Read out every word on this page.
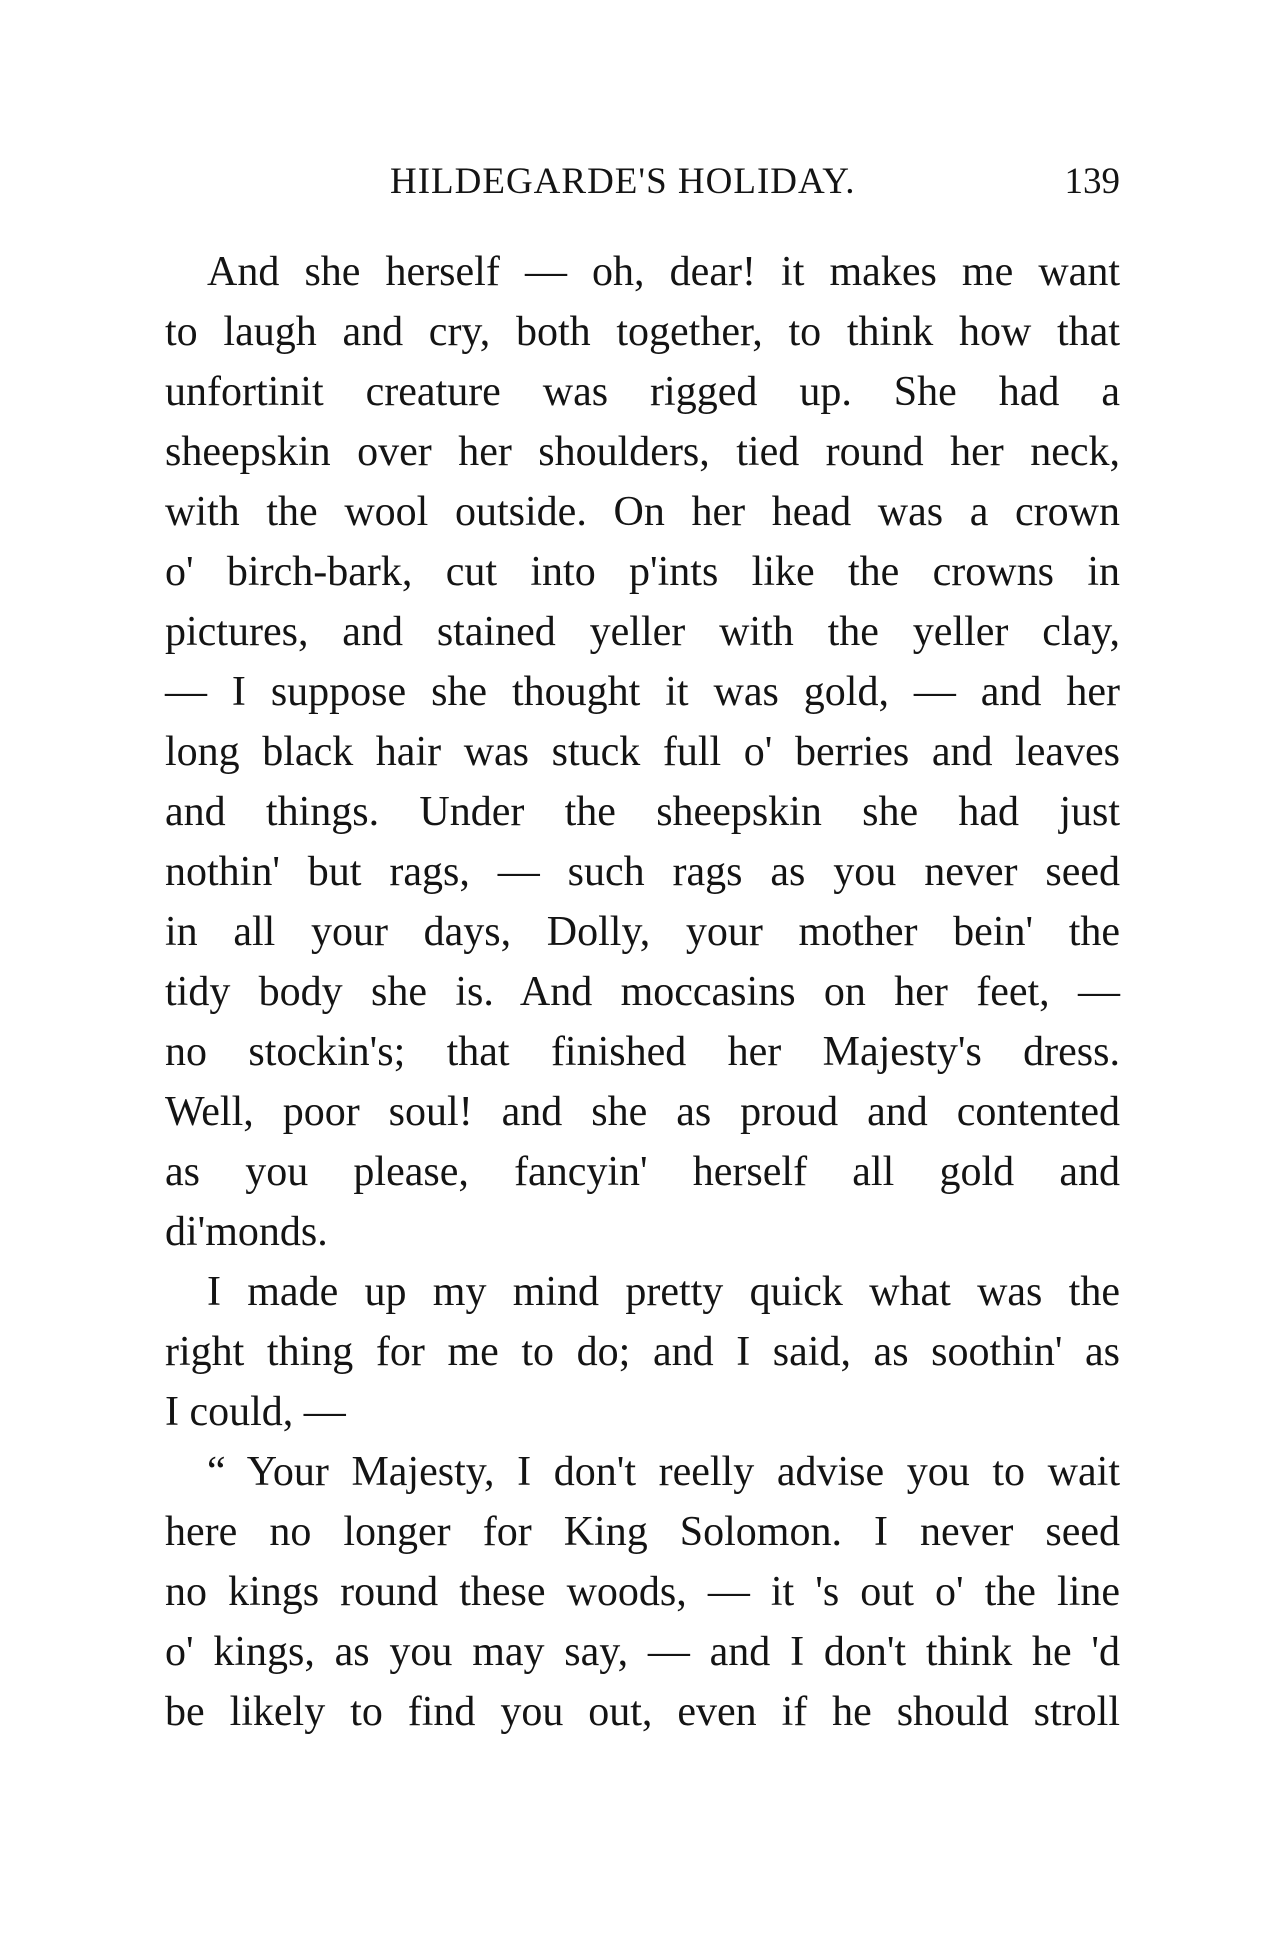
HILDEGARDE'S HOLIDAY.	139
And she herself — oh, dear! it makes me want
to laugh and cry, both together, to think how that
unfortinit creature was rigged up. She had a
sheepskin over her shoulders, tied round her neck,
with the wool outside. On her head was a crown
o' birch-bark, cut into p'ints like the crowns in
pictures, and stained yeller with the yeller clay,
— I suppose she thought it was gold, — and her
long black hair was stuck full o' berries and leaves
and things. Under the sheepskin she had just
nothin' but rags, — such rags as you never seed
in all your days, Dolly, your mother bein' the
tidy body she is. And moccasins on her feet, —
no stockin's; that finished her Majesty's dress.
Well, poor soul! and she as proud and contented
as you please, fancyin' herself all gold and
di'monds.
I made up my mind pretty quick what was the
right thing for me to do; and I said, as soothin' as
I could, —
“ Your Majesty, I don't reelly advise you to wait
here no longer for King Solomon. I never seed
no kings round these woods, — it 's out o' the line
o' kings, as you may say, — and I don't think he 'd
be likely to find you out, even if he should stroll
